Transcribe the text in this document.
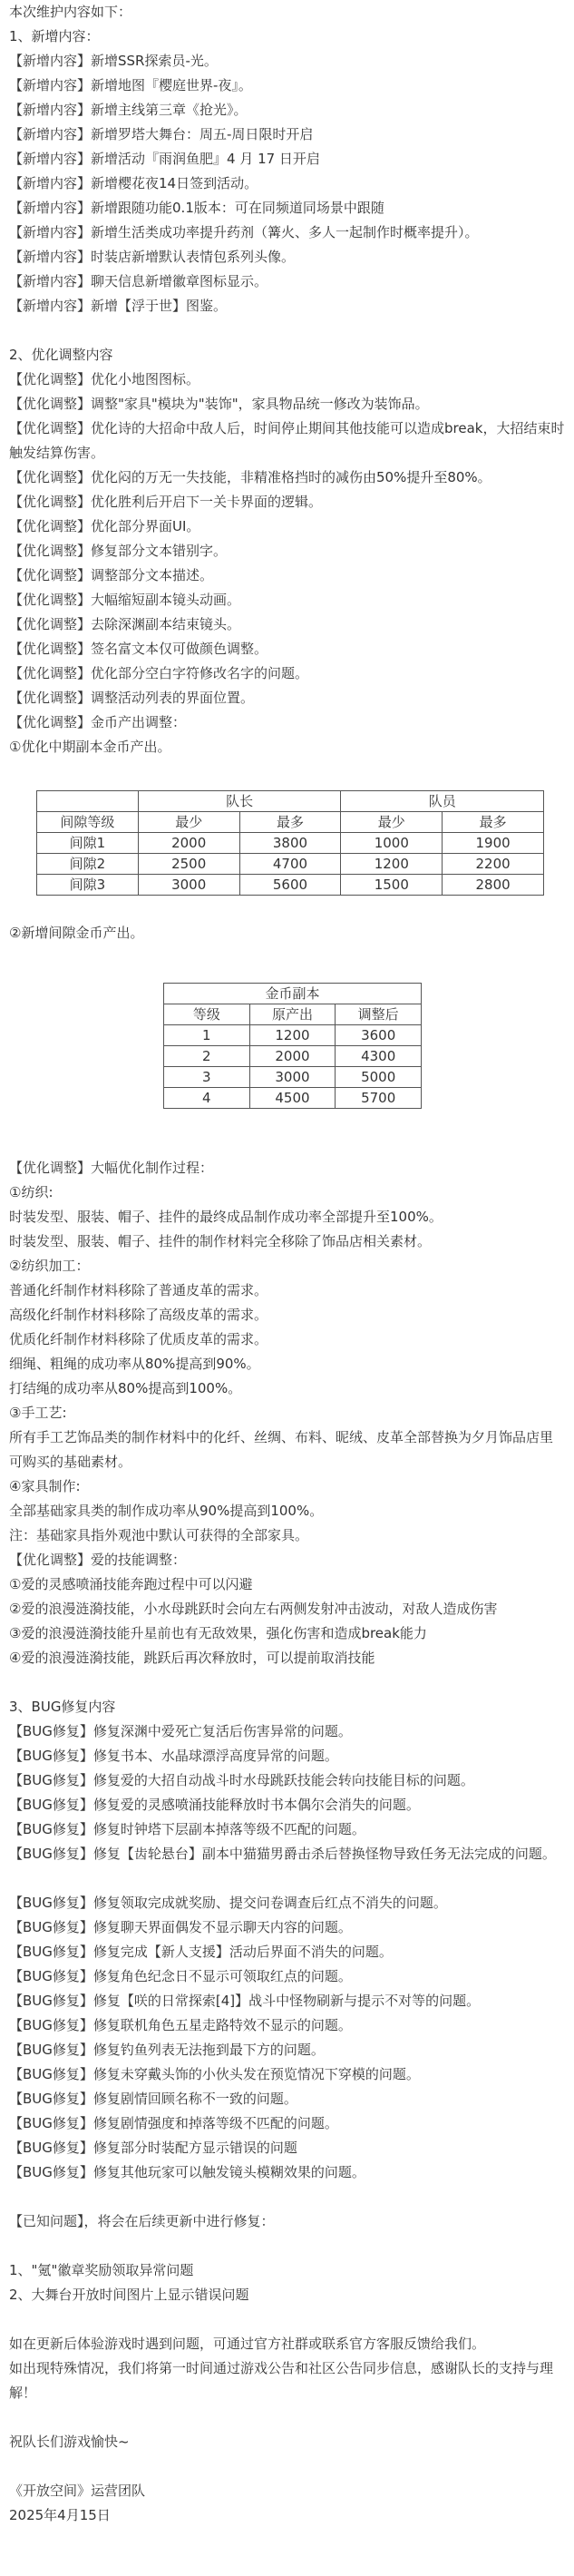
本次维护内容如下：
1、新增内容：
【新增内容】新增SSR探索员-光。
【新增内容】新增地图『樱庭世界-夜』。
【新增内容】新增主线第三章《抢光》。
【新增内容】新增罗塔大舞台：周五-周日限时开启
【新增内容】新增活动『雨润鱼肥』4 月 17 日开启
【新增内容】新增樱花夜14日签到活动。
【新增内容】新增跟随功能0.1版本：可在同频道同场景中跟随
【新增内容】新增生活类成功率提升药剂（篝火、多人一起制作时概率提升）。
【新增内容】时装店新增默认表情包系列头像。
【新增内容】聊天信息新增徽章图标显示。
【新增内容】新增【浮于世】图鉴。
2、优化调整内容
【优化调整】优化小地图图标。
【优化调整】调整"家具"模块为"装饰"，家具物品统一修改为装饰品。
【优化调整】优化诗的大招命中敌人后，时间停止期间其他技能可以造成break，大招结束时触发结算伤害。
【优化调整】优化闷的万无一失技能，非精准格挡时的减伤由50%提升至80%。
【优化调整】优化胜利后开启下一关卡界面的逻辑。
【优化调整】优化部分界面UI。
【优化调整】修复部分文本错别字。
【优化调整】调整部分文本描述。
【优化调整】大幅缩短副本镜头动画。
【优化调整】去除深渊副本结束镜头。
【优化调整】签名富文本仅可做颜色调整。
【优化调整】优化部分空白字符修改名字的问题。
【优化调整】调整活动列表的界面位置。
【优化调整】金币产出调整：
①优化中期副本金币产出。
	队长		队员	
间隙等级	最少	最多	最少	最多
间隙1	2000	3800	1000	1900
间隙2	2500	4700	1200	2200
间隙3	3000	5600	1500	2800
②新增间隙金币产出。
金币副本		
等级	原产出	调整后
1	1200	3600
2	2000	4300
3	3000	5000
4	4500	5700
【优化调整】大幅优化制作过程：
①纺织:
时装发型、服装、帽子、挂件的最终成品制作成功率全部提升至100%。
时装发型、服装、帽子、挂件的制作材料完全移除了饰品店相关素材。
②纺织加工：
普通化纤制作材料移除了普通皮革的需求。
高级化纤制作材料移除了高级皮革的需求。
优质化纤制作材料移除了优质皮革的需求。
细绳、粗绳的成功率从80%提高到90%。
打结绳的成功率从80%提高到100%。
③手工艺:
所有手工艺饰品类的制作材料中的化纤、丝绸、布料、昵绒、皮革全部替换为夕月饰品店里可购买的基础素材。
④家具制作:
全部基础家具类的制作成功率从90%提高到100%。
注：基础家具指外观池中默认可获得的全部家具。
【优化调整】爱的技能调整：
①爱的灵感喷涌技能奔跑过程中可以闪避
②爱的浪漫涟漪技能，小水母跳跃时会向左右两侧发射冲击波动，对敌人造成伤害
③爱的浪漫涟漪技能升星前也有无敌效果，强化伤害和造成break能力
④爱的浪漫涟漪技能，跳跃后再次释放时，可以提前取消技能
3、BUG修复内容
【BUG修复】修复深渊中爱死亡复活后伤害异常的问题。
【BUG修复】修复书本、水晶球漂浮高度异常的问题。
【BUG修复】修复爱的大招自动战斗时水母跳跃技能会转向技能目标的问题。
【BUG修复】修复爱的灵感喷涌技能释放时书本偶尔会消失的问题。
【BUG修复】修复时钟塔下层副本掉落等级不匹配的问题。
【BUG修复】修复【齿轮悬台】副本中猫猫男爵击杀后替换怪物导致任务无法完成的问题。
【BUG修复】修复领取完成就奖励、提交问卷调查后红点不消失的问题。
【BUG修复】修复聊天界面偶发不显示聊天内容的问题。
【BUG修复】修复完成【新人支援】活动后界面不消失的问题。
【BUG修复】修复角色纪念日不显示可领取红点的问题。
【BUG修复】修复【咲的日常探索[4]】战斗中怪物刷新与提示不对等的问题。
【BUG修复】修复联机角色五星走路特效不显示的问题。
【BUG修复】修复钓鱼列表无法拖到最下方的问题。
【BUG修复】修复未穿戴头饰的小伙头发在预览情况下穿模的问题。
【BUG修复】修复剧情回顾名称不一致的问题。
【BUG修复】修复剧情强度和掉落等级不匹配的问题。
【BUG修复】修复部分时装配方显示错误的问题
【BUG修复】修复其他玩家可以触发镜头模糊效果的问题。
【已知问题】，将会在后续更新中进行修复：
1、"氪"徽章奖励领取异常问题
2、大舞台开放时间图片上显示错误问题
如在更新后体验游戏时遇到问题，可通过官方社群或联系官方客服反馈给我们。
如出现特殊情况，我们将第一时间通过游戏公告和社区公告同步信息，感谢队长的支持与理解！
祝队长们游戏愉快~
《开放空间》运营团队
2025年4月15日
